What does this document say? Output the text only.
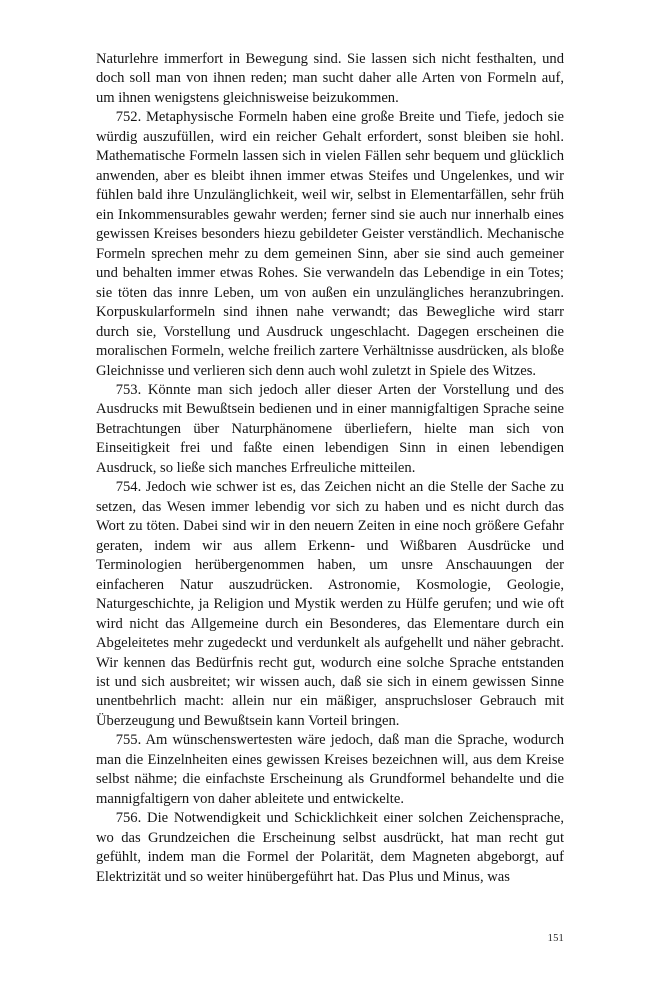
Naturlehre immerfort in Bewegung sind. Sie lassen sich nicht festhalten, und doch soll man von ihnen reden; man sucht daher alle Arten von Formeln auf, um ihnen wenigstens gleichnisweise beizukommen.

752. Metaphysische Formeln haben eine große Breite und Tiefe, jedoch sie würdig auszufüllen, wird ein reicher Gehalt erfordert, sonst bleiben sie hohl. Mathematische Formeln lassen sich in vielen Fällen sehr bequem und glücklich anwenden, aber es bleibt ihnen immer etwas Steifes und Ungelenkes, und wir fühlen bald ihre Unzulänglichkeit, weil wir, selbst in Elementarfällen, sehr früh ein Inkommensurables gewahr werden; ferner sind sie auch nur innerhalb eines gewissen Kreises besonders hiezu gebildeter Geister verständlich. Mechanische Formeln sprechen mehr zu dem gemeinen Sinn, aber sie sind auch gemeiner und behalten immer etwas Rohes. Sie verwandeln das Lebendige in ein Totes; sie töten das innre Leben, um von außen ein unzulängliches heranzubringen. Korpuskularformeln sind ihnen nahe verwandt; das Bewegliche wird starr durch sie, Vorstellung und Ausdruck ungeschlacht. Dagegen erscheinen die moralischen Formeln, welche freilich zartere Verhältnisse ausdrücken, als bloße Gleichnisse und verlieren sich denn auch wohl zuletzt in Spiele des Witzes.

753. Könnte man sich jedoch aller dieser Arten der Vorstellung und des Ausdrucks mit Bewußtsein bedienen und in einer mannigfaltigen Sprache seine Betrachtungen über Naturphänomene überliefern, hielte man sich von Einseitigkeit frei und faßte einen lebendigen Sinn in einen lebendigen Ausdruck, so ließe sich manches Erfreuliche mitteilen.

754. Jedoch wie schwer ist es, das Zeichen nicht an die Stelle der Sache zu setzen, das Wesen immer lebendig vor sich zu haben und es nicht durch das Wort zu töten. Dabei sind wir in den neuern Zeiten in eine noch größere Gefahr geraten, indem wir aus allem Erkenn- und Wißbaren Ausdrücke und Terminologien herübergenommen haben, um unsre Anschauungen der einfacheren Natur auszudrücken. Astronomie, Kosmologie, Geologie, Naturgeschichte, ja Religion und Mystik werden zu Hülfe gerufen; und wie oft wird nicht das Allgemeine durch ein Besonderes, das Elementare durch ein Abgeleitetes mehr zugedeckt und verdunkelt als aufgehellt und näher gebracht. Wir kennen das Bedürfnis recht gut, wodurch eine solche Sprache entstanden ist und sich ausbreitet; wir wissen auch, daß sie sich in einem gewissen Sinne unentbehrlich macht: allein nur ein mäßiger, anspruchsloser Gebrauch mit Überzeugung und Bewußtsein kann Vorteil bringen.

755. Am wünschenswertesten wäre jedoch, daß man die Sprache, wodurch man die Einzelnheiten eines gewissen Kreises bezeichnen will, aus dem Kreise selbst nähme; die einfachste Erscheinung als Grundformel behandelte und die mannigfaltigern von daher ableitete und entwickelte.

756. Die Notwendigkeit und Schicklichkeit einer solchen Zeichensprache, wo das Grundzeichen die Erscheinung selbst ausdrückt, hat man recht gut gefühlt, indem man die Formel der Polarität, dem Magneten abgeborgt, auf Elektrizität und so weiter hinübergeführt hat. Das Plus und Minus, was

151
